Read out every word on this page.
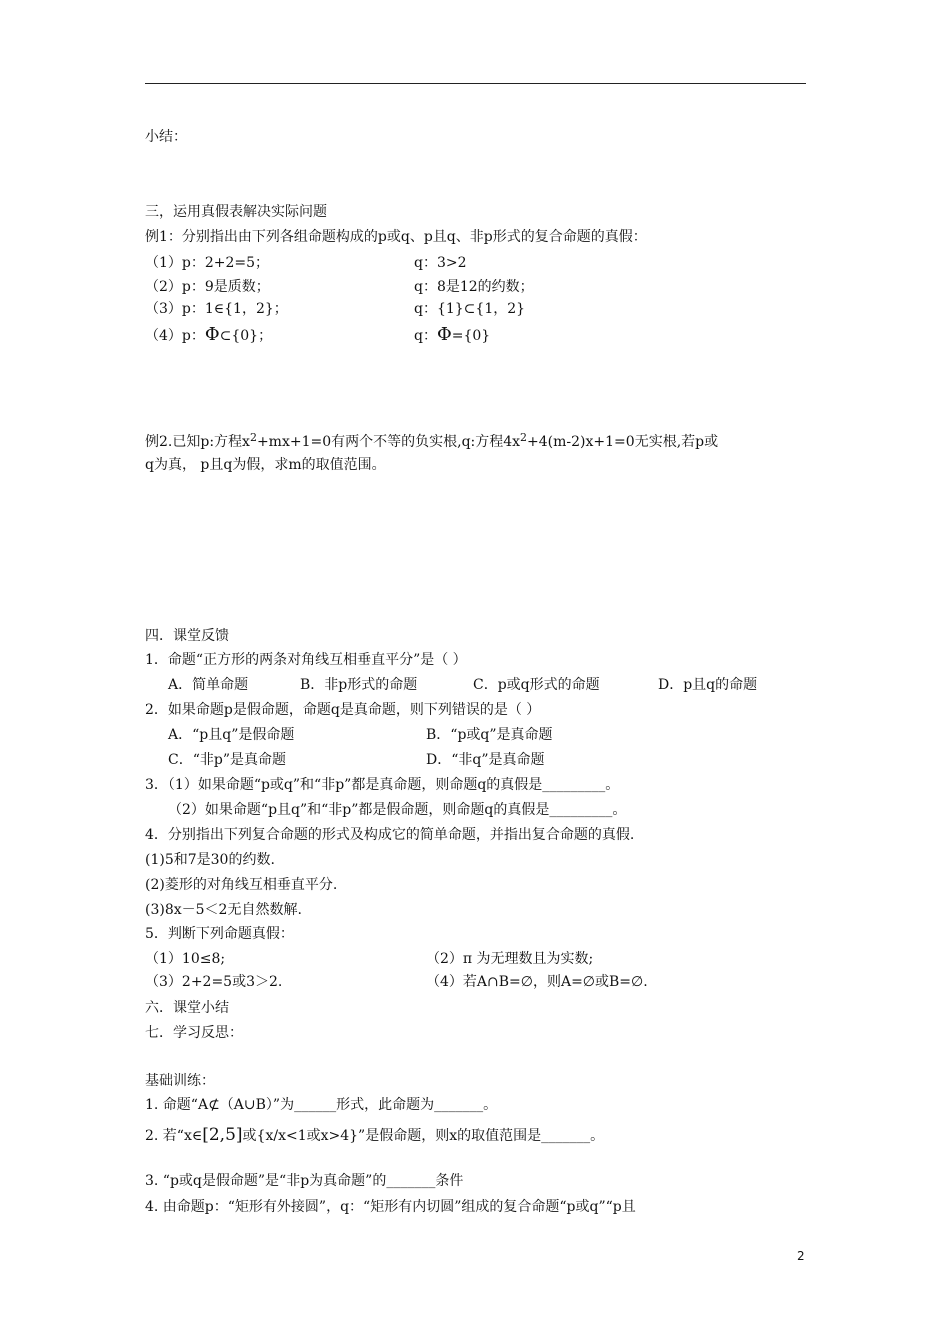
小结：
三，运用真假表解决实际问题
例1：分别指出由下列各组命题构成的p或q、p且q、非p形式的复合命题的真假：
（1）p：2+2=5；	q：3>2
（2）p：9是质数；	q：8是12的约数；
（3）p：1∈{1，2}；	q：{1}⊂{1，2}
（4）p：Φ⊂{0}；	q：Φ={0}
例2.已知p:方程$x^2+mx+1=0$有两个不等的负实根,q:方程$4x^2+4(m-2)x+1=0$无实根,若p或
q为真， p且q为假，求m的取值范围。
四．课堂反馈
1．命题“正方形的两条对角线互相垂直平分”是（ ）
A．简单命题	B．非p形式的命题	C．p或q形式的命题	D．p且q的命题
2．如果命题p是假命题，命题q是真命题，则下列错误的是（ ）
A．“p且q”是假命题	B．“p或q”是真命题
C．“非p”是真命题	D．“非q”是真命题
3．（1）如果命题“p或q”和“非p”都是真命题，则命题q的真假是_________。
（2）如果命题“p且q”和“非p”都是假命题，则命题q的真假是_________。
4．分别指出下列复合命题的形式及构成它的简单命题，并指出复合命题的真假.
(1)5和7是30的约数.
(2)菱形的对角线互相垂直平分.
(3)8x－5＜2无自然数解.
5．判断下列命题真假：
（1）10≤8;	（2）π 为无理数且为实数;
（3）2+2=5或3＞2.	（4）若A∩B=∅，则A=∅或B=∅.
六．课堂小结
七．学习反思：
基础训练：
1. 命题“A⊄（A∪B）”为______形式，此命题为_______。
2. 若“x∈[2,5]或{x/x<1或x>4}”是假命题，则x的取值范围是_______。
3. “p或q是假命题”是“非p为真命题”的_______条件
4. 由命题p：“矩形有外接圆”，q：“矩形有内切圆”组成的复合命题“p或q”“p且
2
